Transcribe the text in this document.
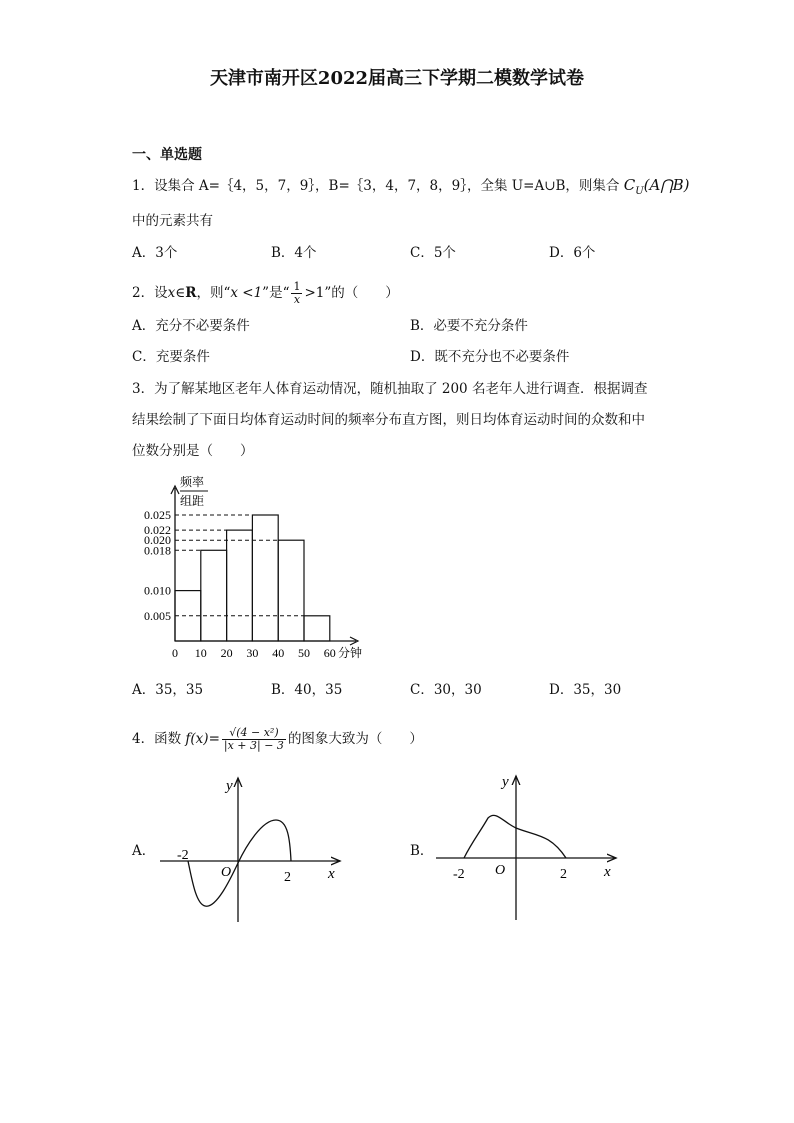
天津市南开区2022届高三下学期二模数学试卷
一、单选题
1．设集合 A=｛4，5，7，9｝，B=｛3，4，7，8，9｝，全集 U=A∪B，则集合 $C_U(A⋂B)$
中的元素共有
A．3个	B．4个	C．5个	D．6个
2．设x∈R，则“x <1”是“ $\frac{1}{x} >1$”的（　　）
A．充分不必要条件	B．必要不充分条件
C．充要条件	D．既不充分也不必要条件
3．为了解某地区老年人体育运动情况，随机抽取了 200 名老年人进行调查．根据调查
结果绘制了下面日均体育运动时间的频率分布直方图，则日均体育运动时间的众数和中
位数分别是（　　）
0.025
0.022
0.020
0.018
0.010
0.005
0 10 20 30 40 50 60 分钟
频率
组距
A．35，35	B．40，35	C．30，30	D．35，30
4．函数 $f(x)= \frac{\text{√(4 − x²)}}{|x + 3| - 3}$ 的图象大致为（　　）
A．
y
x
O
-2
2
B．
y
x
O
-2	2
